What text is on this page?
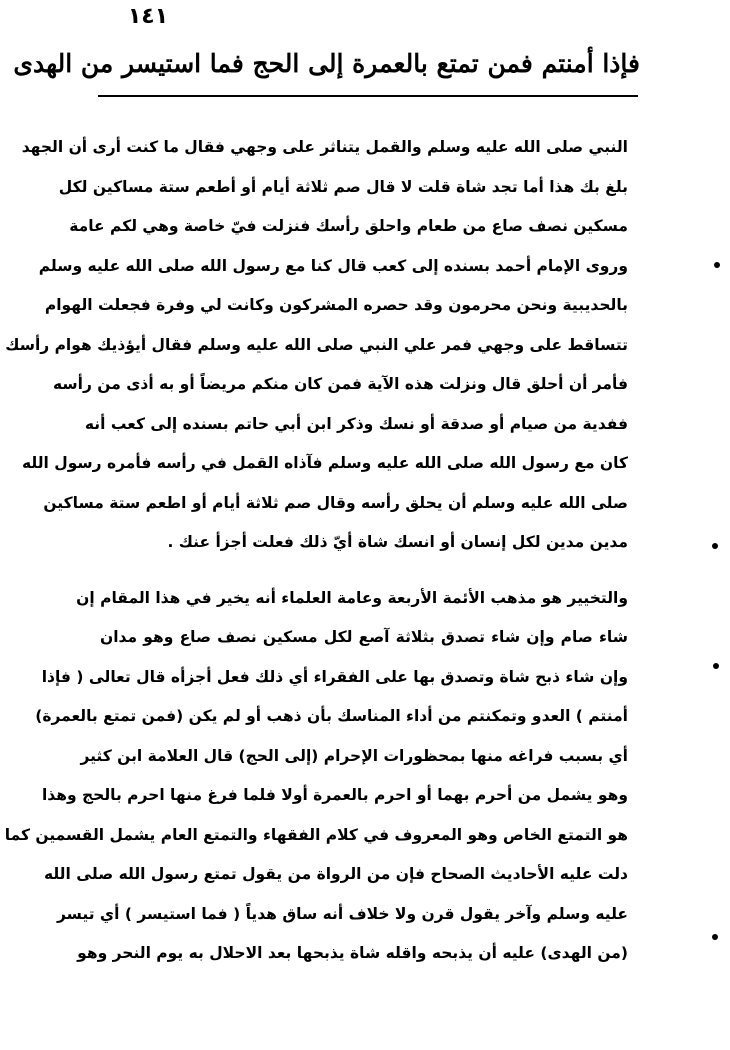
١٤١
فإذا أمنتم فمن تمتع بالعمرة إلى الحج فما استيسر من الهدى
النبي صلى الله عليه وسلم والقمل يتناثر على وجهي فقال ما كنت أرى أن الجهد
بلغ بك هذا أما تجد شاة قلت لا قال صم ثلاثة أيام أو أطعم ستة مساكين لكل
مسكين نصف صاع من طعام واحلق رأسك فنزلت فيّ خاصة وهي لكم عامة
وروى الإمام أحمد بسنده إلى كعب قال كنا مع رسول الله صلى الله عليه وسلم
بالحديبية ونحن محرمون وقد حصره المشركون وكانت لي وفرة فجعلت الهوام
تتساقط على وجهي فمر علي النبي صلى الله عليه وسلم فقال أيؤذيك هوام رأسك
فأمر أن أحلق قال ونزلت هذه الآية فمن كان منكم مريضاً أو به أذى من رأسه
ففدية من صيام أو صدقة أو نسك وذكر ابن أبي حاتم بسنده إلى كعب أنه
كان مع رسول الله صلى الله عليه وسلم فآذاه القمل في رأسه فأمره رسول الله
صلى الله عليه وسلم أن يحلق رأسه وقال صم ثلاثة أيام أو اطعم ستة مساكين
مدين مدين لكل إنسان أو انسك شاة أيّ ذلك فعلت أجزأ عنك .
والتخيير هو مذهب الأئمة الأربعة وعامة العلماء أنه يخير في هذا المقام إن
شاء صام وإن شاء تصدق بثلاثة آصع لكل مسكين نصف صاع وهو مدان
وإن شاء ذبح شاة وتصدق بها على الفقراء أي ذلك فعل أجزأه قال تعالى ( فإذا
أمنتم ) العدو وتمكنتم من أداء المناسك بأن ذهب أو لم يكن (فمن تمتع بالعمرة)
أي بسبب فراغه منها بمحظورات الإحرام (إلى الحج) قال العلامة ابن كثير
وهو يشمل من أحرم بهما أو احرم بالعمرة أولا فلما فرغ منها احرم بالحج وهذا
هو التمتع الخاص وهو المعروف في كلام الفقهاء والتمتع العام يشمل القسمين كما
دلت عليه الأحاديث الصحاح فإن من الرواة من يقول تمتع رسول الله صلى الله
عليه وسلم وآخر يقول قرن ولا خلاف أنه ساق هدياً ( فما استيسر ) أي تيسر
(من الهدى) عليه أن يذبحه واقله شاة يذبحها بعد الاحلال به يوم النحر وهو
